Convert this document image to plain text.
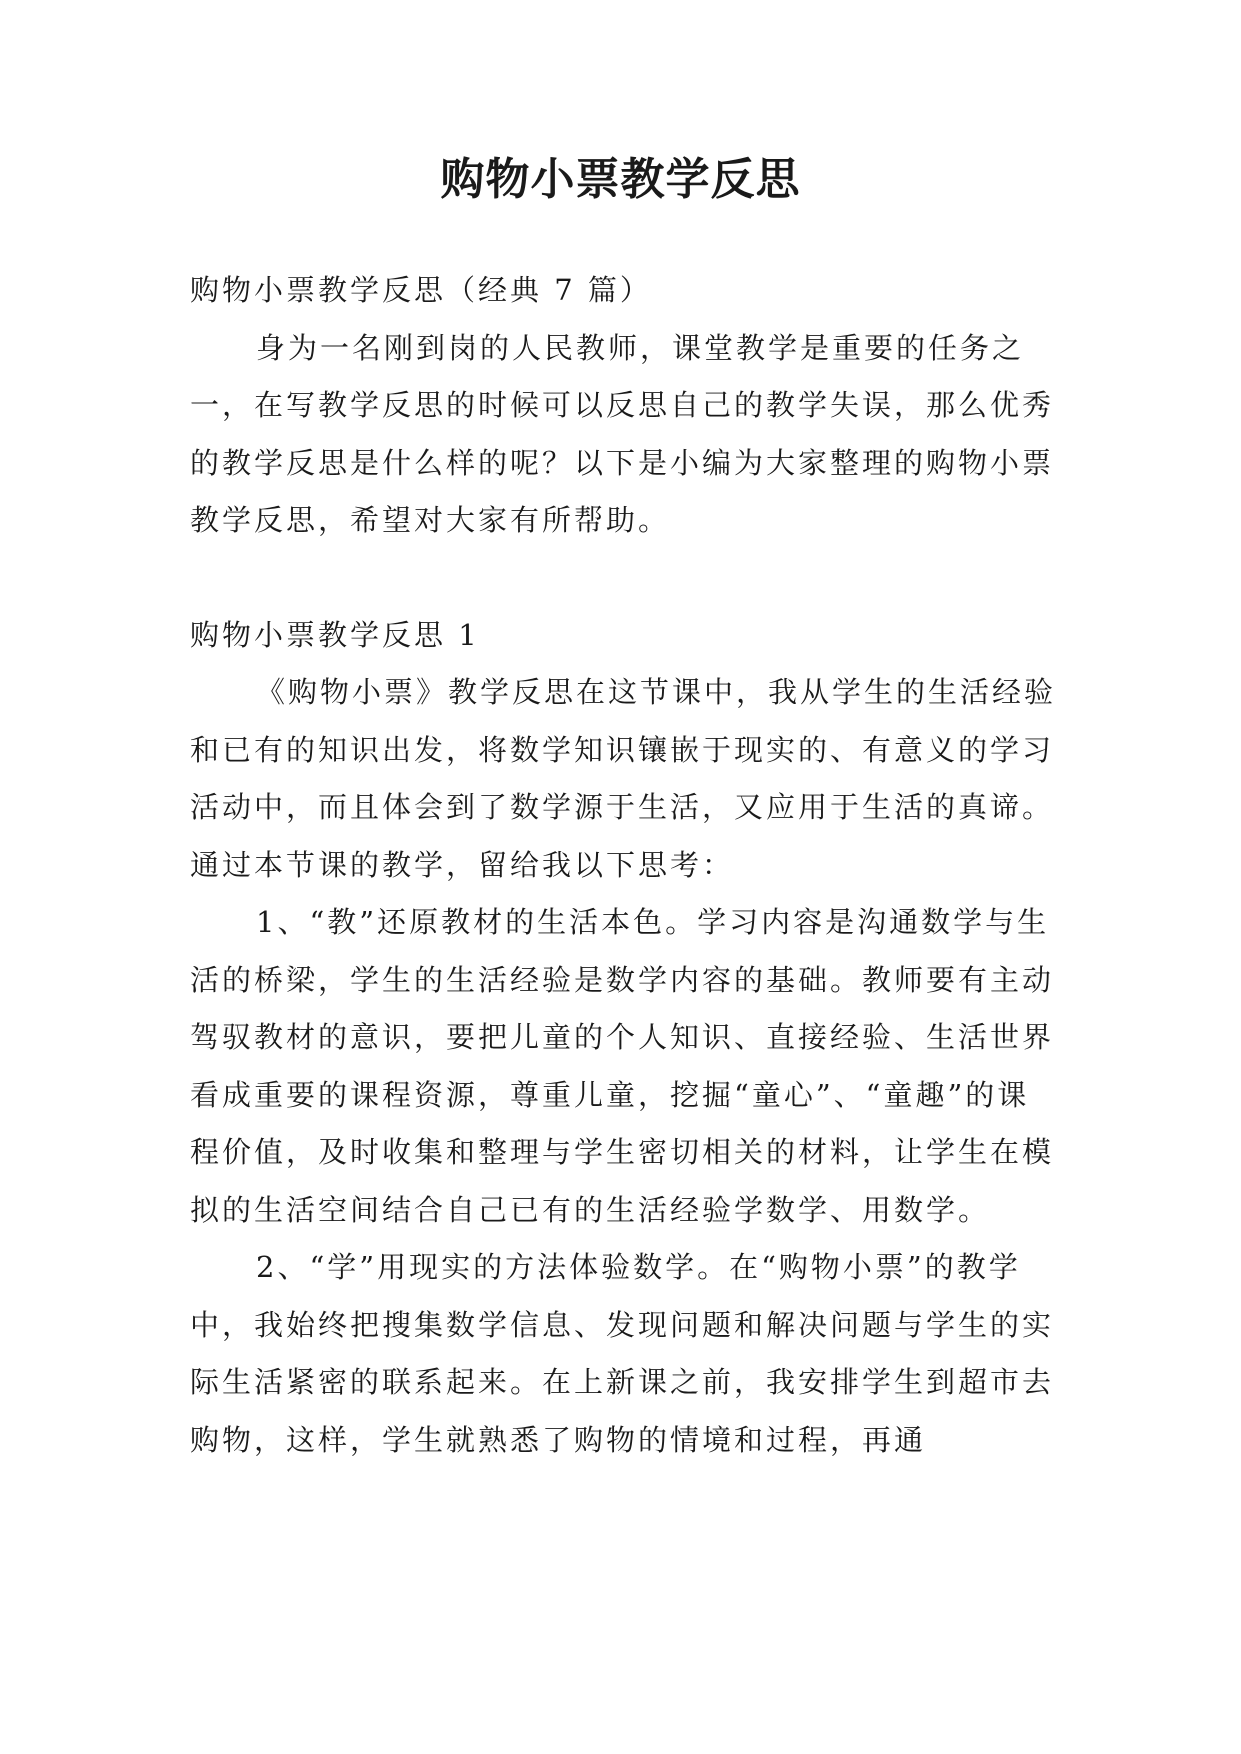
购物小票教学反思

购物小票教学反思（经典 7 篇）

身为一名刚到岗的人民教师，课堂教学是重要的任务之一，在写教学反思的时候可以反思自己的教学失误，那么优秀的教学反思是什么样的呢？以下是小编为大家整理的购物小票教学反思，希望对大家有所帮助。

购物小票教学反思 1

《购物小票》教学反思在这节课中，我从学生的生活经验和已有的知识出发，将数学知识镶嵌于现实的、有意义的学习活动中，而且体会到了数学源于生活，又应用于生活的真谛。通过本节课的教学，留给我以下思考：

1、“教”还原教材的生活本色。学习内容是沟通数学与生活的桥梁，学生的生活经验是数学内容的基础。教师要有主动驾驭教材的意识，要把儿童的个人知识、直接经验、生活世界看成重要的课程资源，尊重儿童，挖掘“童心”、“童趣”的课程价值，及时收集和整理与学生密切相关的材料，让学生在模拟的生活空间结合自己已有的生活经验学数学、用数学。

2、“学”用现实的方法体验数学。在“购物小票”的教学中，我始终把搜集数学信息、发现问题和解决问题与学生的实际生活紧密的联系起来。在上新课之前，我安排学生到超市去购物，这样，学生就熟悉了购物的情境和过程，再通
